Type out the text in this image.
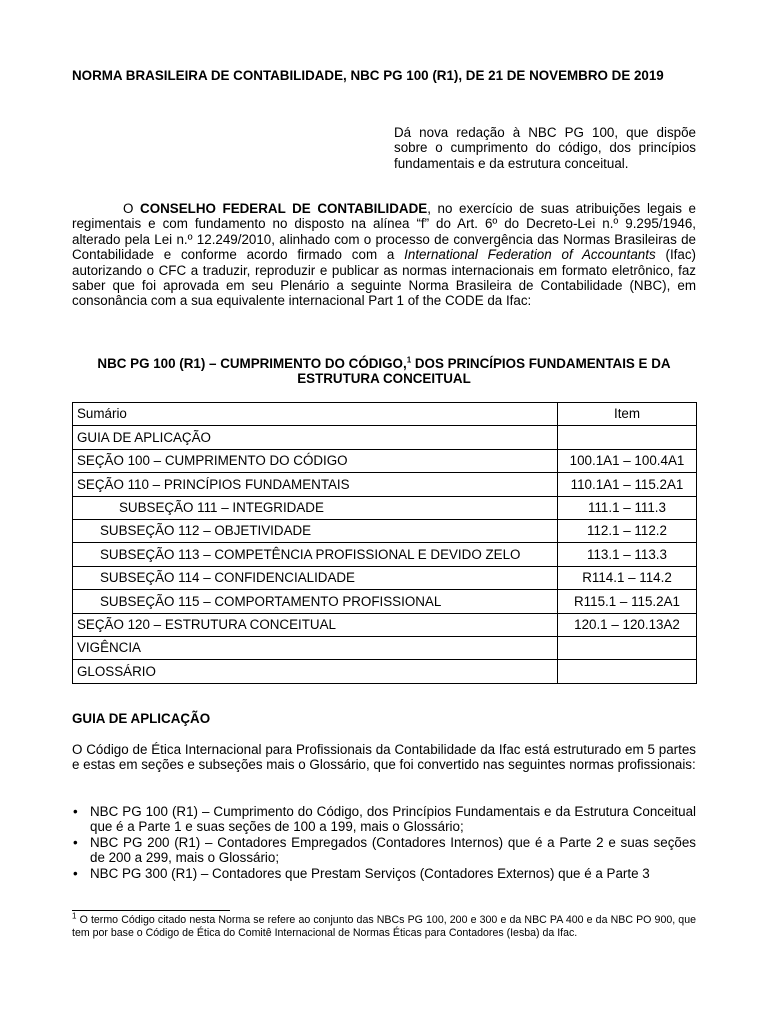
NORMA BRASILEIRA DE CONTABILIDADE, NBC PG 100 (R1), DE 21 DE NOVEMBRO DE 2019
Dá nova redação à NBC PG 100, que dispõe sobre o cumprimento do código, dos princípios fundamentais e da estrutura conceitual.
O CONSELHO FEDERAL DE CONTABILIDADE, no exercício de suas atribuições legais e regimentais e com fundamento no disposto na alínea “f” do Art. 6º do Decreto-Lei n.º 9.295/1946, alterado pela Lei n.º 12.249/2010, alinhado com o processo de convergência das Normas Brasileiras de Contabilidade e conforme acordo firmado com a International Federation of Accountants (Ifac) autorizando o CFC a traduzir, reproduzir e publicar as normas internacionais em formato eletrônico, faz saber que foi aprovada em seu Plenário a seguinte Norma Brasileira de Contabilidade (NBC), em consonância com a sua equivalente internacional Part 1 of the CODE da Ifac:
NBC PG 100 (R1) – CUMPRIMENTO DO CÓDIGO,$^1$ DOS PRINCÍPIOS FUNDAMENTAIS E DA ESTRUTURA CONCEITUAL
Sumário	Item
GUIA DE APLICAÇÃO	
SEÇÃO 100 – CUMPRIMENTO DO CÓDIGO	100.1A1 – 100.4A1
SEÇÃO 110 – PRINCÍPIOS FUNDAMENTAIS	110.1A1 – 115.2A1
SUBSEÇÃO 111 – INTEGRIDADE	111.1 – 111.3
SUBSEÇÃO 112 – OBJETIVIDADE	112.1 – 112.2
SUBSEÇÃO 113 – COMPETÊNCIA PROFISSIONAL E DEVIDO ZELO	113.1 – 113.3
SUBSEÇÃO 114 – CONFIDENCIALIDADE	R114.1 – 114.2
SUBSEÇÃO 115 – COMPORTAMENTO PROFISSIONAL	R115.1 – 115.2A1
SEÇÃO 120 – ESTRUTURA CONCEITUAL	120.1 – 120.13A2
VIGÊNCIA	
GLOSSÁRIO	
GUIA DE APLICAÇÃO
O Código de Ética Internacional para Profissionais da Contabilidade da Ifac está estruturado em 5 partes e estas em seções e subseções mais o Glossário, que foi convertido nas seguintes normas profissionais:
• NBC PG 100 (R1) – Cumprimento do Código, dos Princípios Fundamentais e da Estrutura Conceitual que é a Parte 1 e suas seções de 100 a 199, mais o Glossário;
• NBC PG 200 (R1) – Contadores Empregados (Contadores Internos) que é a Parte 2 e suas seções de 200 a 299, mais o Glossário;
• NBC PG 300 (R1) – Contadores que Prestam Serviços (Contadores Externos) que é a Parte 3
$^1$ O termo Código citado nesta Norma se refere ao conjunto das NBCs PG 100, 200 e 300 e da NBC PA 400 e da NBC PO 900, que tem por base o Código de Ética do Comitê Internacional de Normas Éticas para Contadores (Iesba) da Ifac.
